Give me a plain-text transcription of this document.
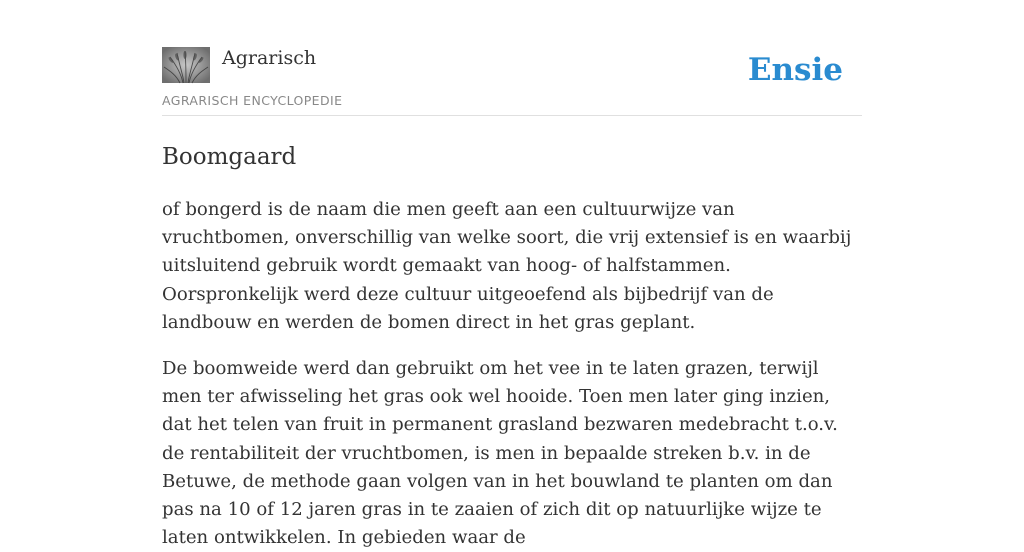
Agrarisch
AGRARISCH ENCYCLOPEDIE
Ensie
Boomgaard

of bongerd is de naam die men geeft aan een cultuurwijze van vruchtbomen, onverschillig van welke soort, die vrij extensief is en waarbij uitsluitend gebruik wordt gemaakt van hoog- of halfstammen. Oorspronkelijk werd deze cultuur uitgeoefend als bijbedrijf van de landbouw en werden de bomen direct in het gras geplant.

De boomweide werd dan gebruikt om het vee in te laten grazen, terwijl men ter afwisseling het gras ook wel hooide. Toen men later ging inzien, dat het telen van fruit in permanent grasland bezwaren medebracht t.o.v. de rentabiliteit der vruchtbomen, is men in bepaalde streken b.v. in de Betuwe, de methode gaan volgen van in het bouwland te planten om dan pas na 10 of 12 jaren gras in te zaaien of zich dit op natuurlijke wijze te laten ontwikkelen. In gebieden waar de
